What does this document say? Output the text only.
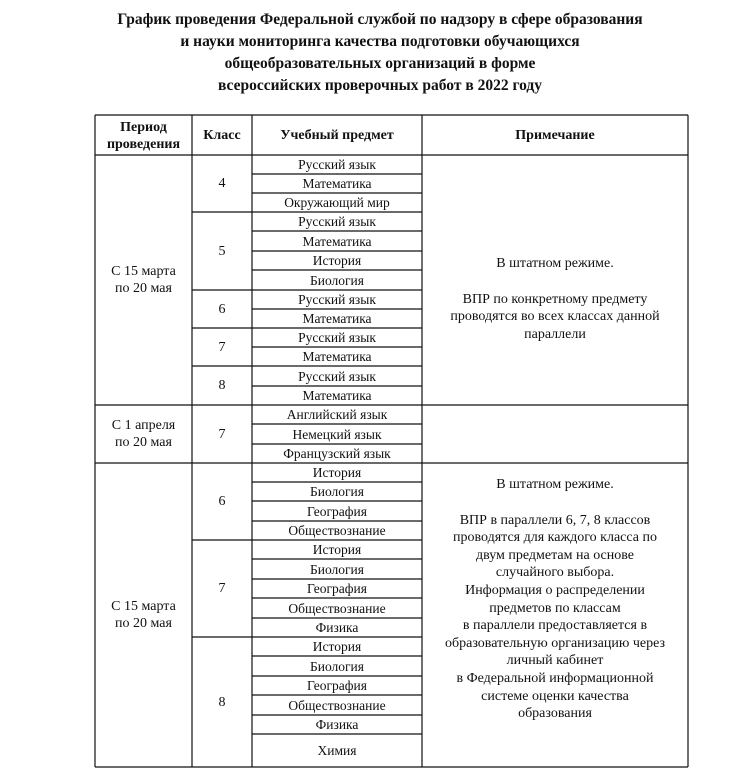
График проведения Федеральной службой по надзору в сфере образования
и науки мониторинга качества подготовки обучающихся
общеобразовательных организаций в форме
всероссийских проверочных работ в 2022 году
Период
проведения
Класс	Учебный предмет	Примечание
С 15 марта
по 20 мая
С 1 апреля
по 20 мая
С 15 марта
по 20 мая
4
5
6
7
8
7
6
7
8
Русский язык
Математика
Окружающий мир
Русский язык
Математика
История
Биология
Русский язык
Математика
Русский язык
Математика
Русский язык
Математика
Английский язык
Немецкий язык
Французский язык
История
Биология
География
Обществознание
История
Биология
География
Обществознание
Физика
История
Биология
География
Обществознание
Физика
Химия

В штатном режиме.

ВПР по конкретному предмету

проводятся во всех классах данной

параллели

В штатном режиме.

ВПР в параллели 6, 7, 8 классов

проводятся для каждого класса по

двум предметам на основе

случайного выбора.

Информация о распределении

предметов по классам

в параллели предоставляется в

образовательную организацию через

личный кабинет

в Федеральной информационной

системе оценки качества

образования
